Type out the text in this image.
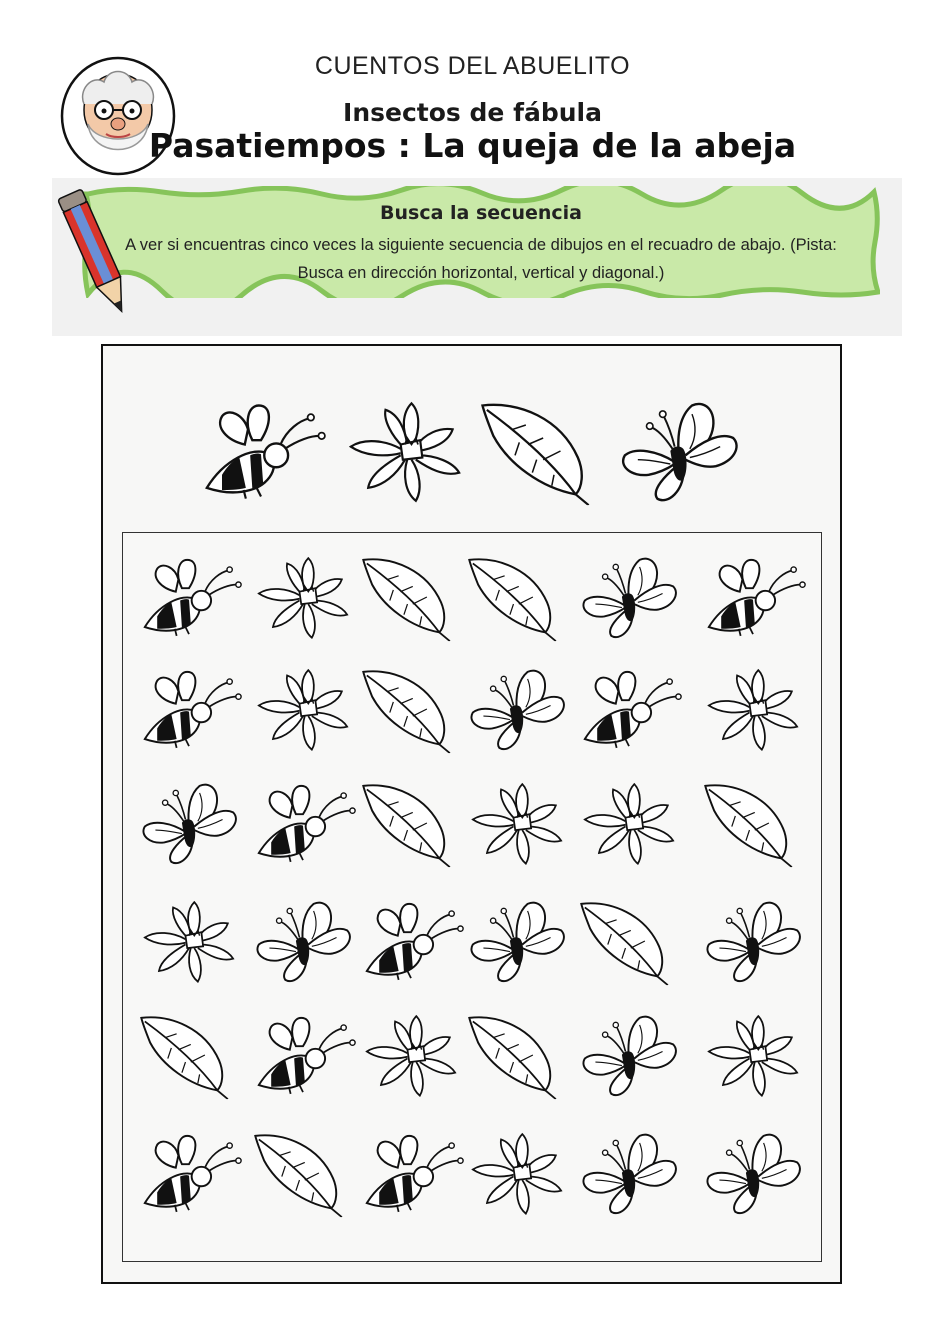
CUENTOS DEL ABUELITO
Insectos de fábula
Pasatiempos : La queja de la abeja
Busca la secuencia
A ver si encuentras cinco veces la siguiente secuencia de dibujos en el recuadro de abajo. (Pista: Busca en dirección horizontal, vertical y diagonal.)
